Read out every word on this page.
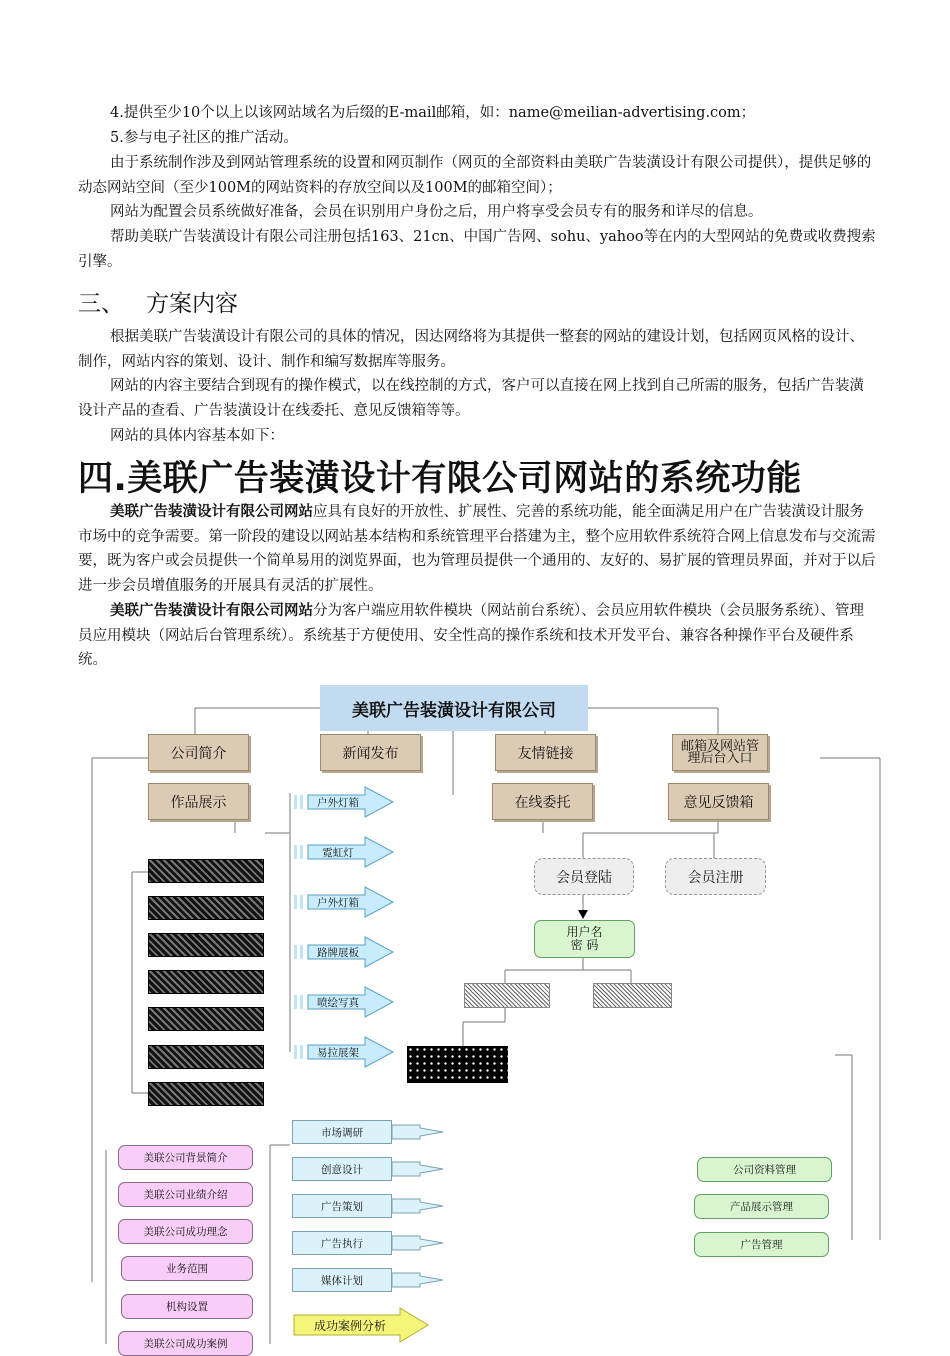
4.提供至少10个以上以该网站域名为后缀的E-mail邮箱，如：name@meilian-advertising.com；

5.参与电子社区的推广活动。

由于系统制作涉及到网站管理系统的设置和网页制作（网页的全部资料由美联广告装潢设计有限公司提供），提供足够的动态网站空间（至少100M的网站资料的存放空间以及100M的邮箱空间）；

网站为配置会员系统做好准备，会员在识别用户身份之后，用户将享受会员专有的服务和详尽的信息。

帮助美联广告装潢设计有限公司注册包括163、21cn、中国广告网、sohu、yahoo等在内的大型网站的免费或收费搜索引擎。

三、 方案内容

根据美联广告装潢设计有限公司的具体的情况，因达网络将为其提供一整套的网站的建设计划，包括网页风格的设计、制作，网站内容的策划、设计、制作和编写数据库等服务。

网站的内容主要结合到现有的操作模式，以在线控制的方式，客户可以直接在网上找到自己所需的服务，包括广告装潢设计产品的查看、广告装潢设计在线委托、意见反馈箱等等。

网站的具体内容基本如下：

四.美联广告装潢设计有限公司网站的系统功能

美联广告装潢设计有限公司网站应具有良好的开放性、扩展性、完善的系统功能，能全面满足用户在广告装潢设计服务市场中的竞争需要。第一阶段的建设以网站基本结构和系统管理平台搭建为主，整个应用软件系统符合网上信息发布与交流需要，既为客户或会员提供一个简单易用的浏览界面，也为管理员提供一个通用的、友好的、易扩展的管理员界面，并对于以后进一步会员增值服务的开展具有灵活的扩展性。

美联广告装潢设计有限公司网站分为客户端应用软件模块（网站前台系统）、会员应用软件模块（会员服务系统）、管理员应用模块（网站后台管理系统）。系统基于方便使用、安全性高的操作系统和技术开发平台、兼容各种操作平台及硬件系统。

美联广告装潢设计有限公司
公司简介	新闻发布	友情链接	邮箱及网站管理后台入口
作品展示	在线委托	意见反馈箱
户外灯箱
霓虹灯
户外灯箱
路牌展板
喷绘写真
易拉展架
会员登陆	会员注册
用户名
密 码
市场调研
创意设计
广告策划
广告执行
媒体计划
成功案例分析
美联公司背景简介
美联公司业绩介绍
美联公司成功理念
业务范围
机构设置
美联公司成功案例
公司资料管理
产品展示管理
广告管理
